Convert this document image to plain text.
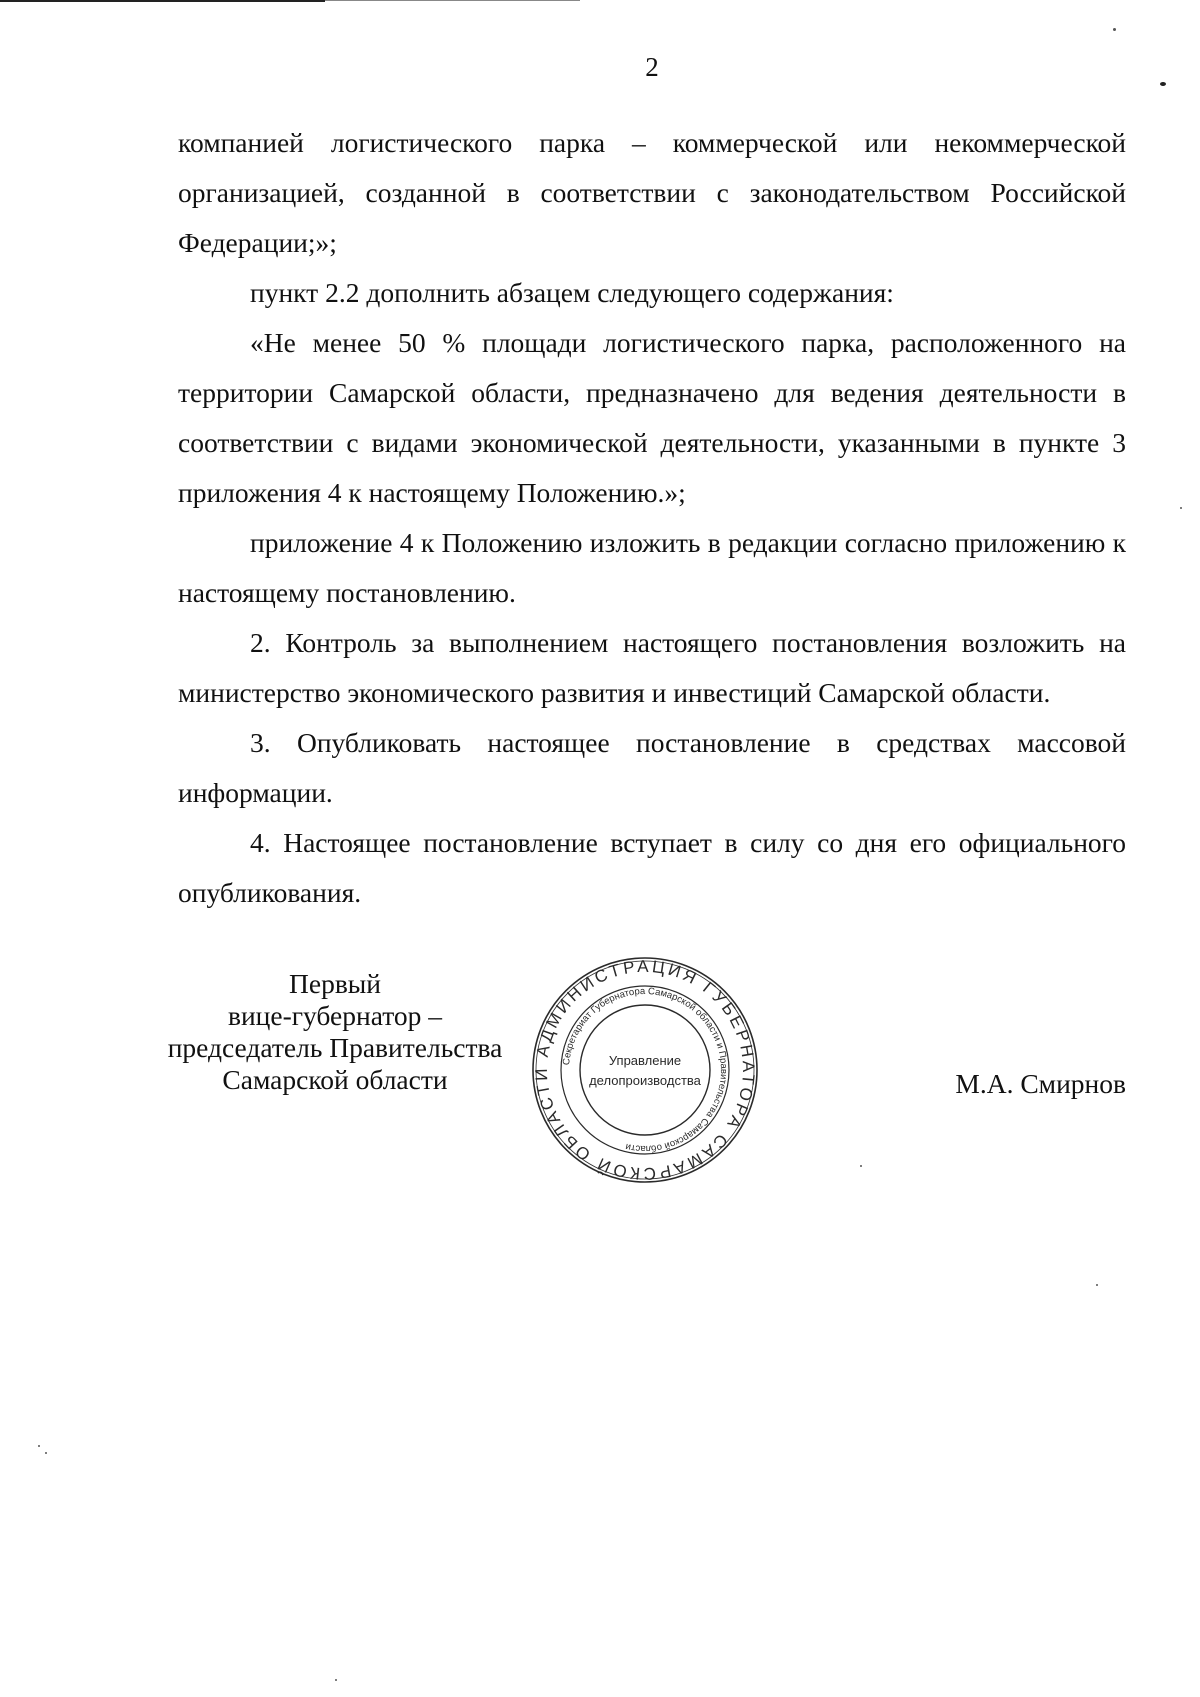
2

компанией логистического парка – коммерческой или некоммерческой организацией, созданной в соответствии с законодательством Российской Федерации;»;

пункт 2.2 дополнить абзацем следующего содержания:

«Не менее 50 % площади логистического парка, расположенного на территории Самарской области, предназначено для ведения деятельности в соответствии с видами экономической деятельности, указанными в пункте 3 приложения 4 к настоящему Положению.»;

приложение 4 к Положению изложить в редакции согласно приложению к настоящему постановлению.

2. Контроль за выполнением настоящего постановления возложить на министерство экономического развития и инвестиций Самарской области.

3. Опубликовать настоящее постановление в средствах массовой информации.

4. Настоящее постановление вступает в силу со дня его официального опубликования.

Первый
вице-губернатор –
председатель Правительства
Самарской области	М.А. Смирнов
АДМИНИСТРАЦИЯ ГУБЕРНАТОРА САМАРСКОЙ ОБЛАСТИ
Секретариат Губернатора Самарской области и Правительства Самарской области
Управление
делопроизводства
